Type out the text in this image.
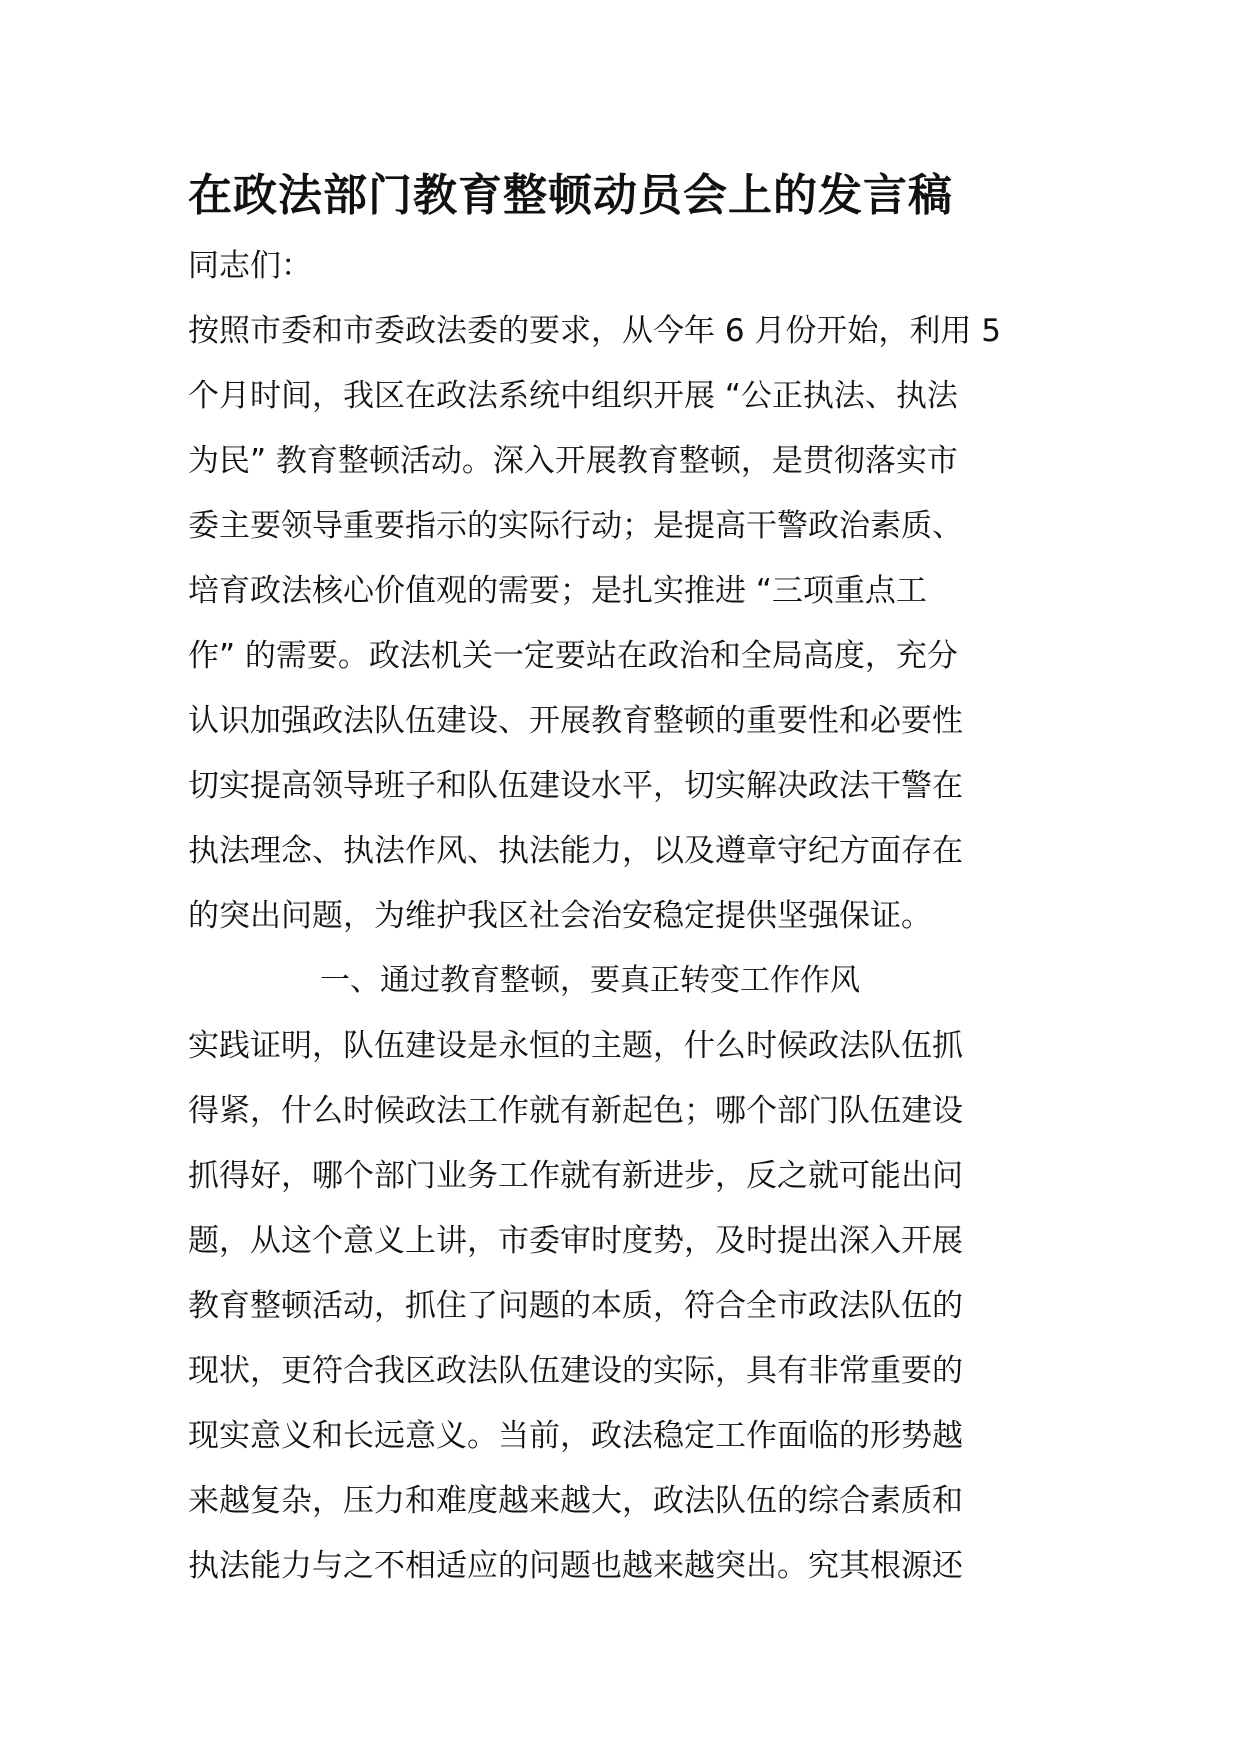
在政法部门教育整顿动员会上的发言稿
同志们：
按照市委和市委政法委的要求，从今年 6 月份开始，利用 5
个月时间，我区在政法系统中组织开展 “公正执法、执法
为民” 教育整顿活动。深入开展教育整顿，是贯彻落实市
委主要领导重要指示的实际行动；是提高干警政治素质、
培育政法核心价值观的需要；是扎实推进 “三项重点工
作” 的需要。政法机关一定要站在政治和全局高度，充分
认识加强政法队伍建设、开展教育整顿的重要性和必要性
切实提高领导班子和队伍建设水平，切实解决政法干警在
执法理念、执法作风、执法能力，以及遵章守纪方面存在
的突出问题，为维护我区社会治安稳定提供坚强保证。
一、通过教育整顿，要真正转变工作作风
实践证明，队伍建设是永恒的主题，什么时候政法队伍抓
得紧，什么时候政法工作就有新起色；哪个部门队伍建设
抓得好，哪个部门业务工作就有新进步，反之就可能出问
题，从这个意义上讲，市委审时度势，及时提出深入开展
教育整顿活动，抓住了问题的本质，符合全市政法队伍的
现状，更符合我区政法队伍建设的实际，具有非常重要的
现实意义和长远意义。当前，政法稳定工作面临的形势越
来越复杂，压力和难度越来越大，政法队伍的综合素质和
执法能力与之不相适应的问题也越来越突出。究其根源还
